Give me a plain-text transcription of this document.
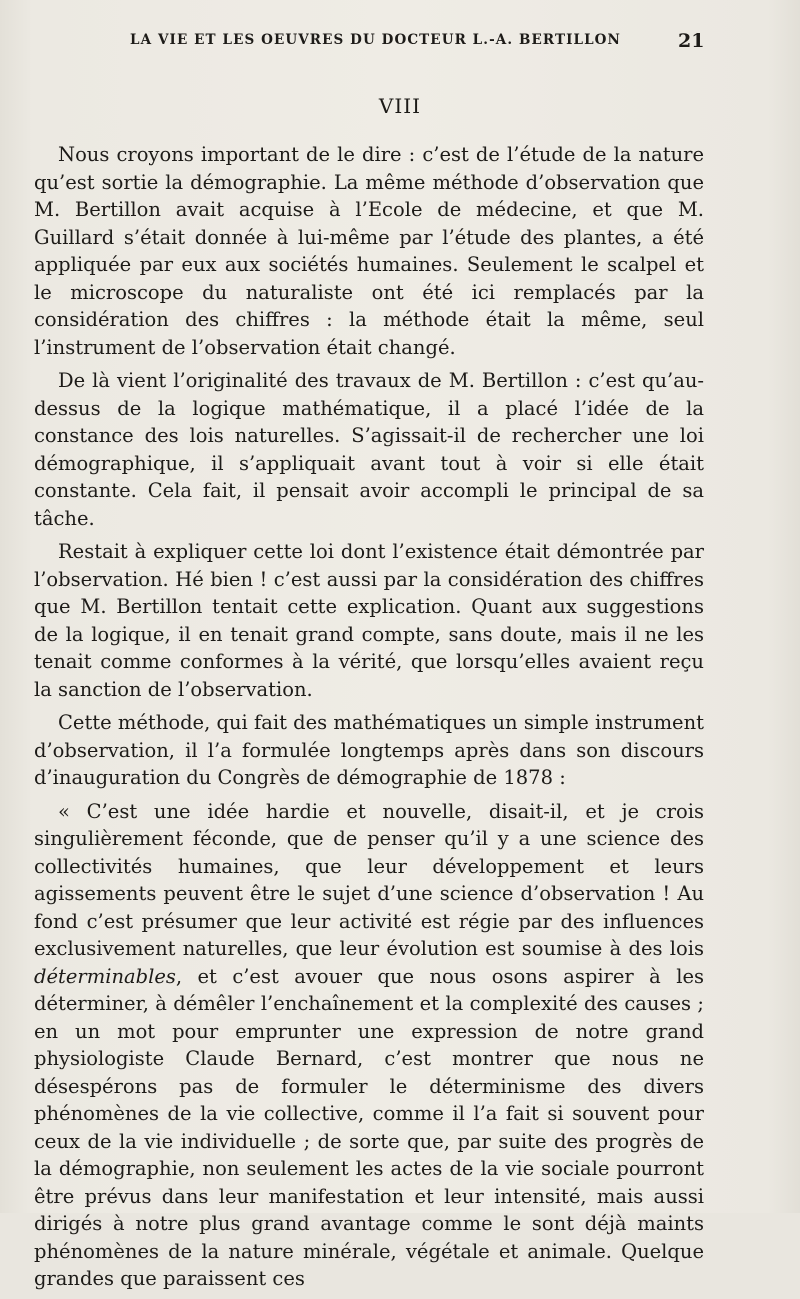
LA VIE ET LES OEUVRES DU DOCTEUR L.-A. BERTILLON	21
VIII

Nous croyons important de le dire : c’est de l’étude de la nature qu’est sortie la démographie. La même méthode d’observation que M. Bertillon avait acquise à l’Ecole de médecine, et que M. Guillard s’était donnée à lui-même par l’étude des plantes, a été appliquée par eux aux sociétés humaines. Seulement le scalpel et le microscope du naturaliste ont été ici remplacés par la considération des chiffres : la méthode était la même, seul l’instrument de l’observation était changé.

De là vient l’originalité des travaux de M. Bertillon : c’est qu’au-dessus de la logique mathématique, il a placé l’idée de la constance des lois naturelles. S’agissait-il de rechercher une loi démographique, il s’appliquait avant tout à voir si elle était constante. Cela fait, il pensait avoir accompli le principal de sa tâche.

Restait à expliquer cette loi dont l’existence était démontrée par l’observation. Hé bien ! c’est aussi par la considération des chiffres que M. Bertillon tentait cette explication. Quant aux suggestions de la logique, il en tenait grand compte, sans doute, mais il ne les tenait comme conformes à la vérité, que lorsqu’elles avaient reçu la sanction de l’observation.

Cette méthode, qui fait des mathématiques un simple instrument d’observation, il l’a formulée longtemps après dans son discours d’inauguration du Congrès de démographie de 1878 :

« C’est une idée hardie et nouvelle, disait-il, et je crois singulièrement féconde, que de penser qu’il y a une science des collectivités humaines, que leur développement et leurs agissements peuvent être le sujet d’une science d’observation ! Au fond c’est présumer que leur activité est régie par des influences exclusivement naturelles, que leur évolution est soumise à des lois déterminables, et c’est avouer que nous osons aspirer à les déterminer, à démêler l’enchaînement et la complexité des causes ; en un mot pour emprunter une expression de notre grand physiologiste Claude Bernard, c’est montrer que nous ne désespérons pas de formuler le déterminisme des divers phénomènes de la vie collective, comme il l’a fait si souvent pour ceux de la vie individuelle ; de sorte que, par suite des progrès de la démographie, non seulement les actes de la vie sociale pourront être prévus dans leur manifestation et leur intensité, mais aussi dirigés à notre plus grand avantage comme le sont déjà maints phénomènes de la nature minérale, végétale et animale. Quelque grandes que paraissent ces
